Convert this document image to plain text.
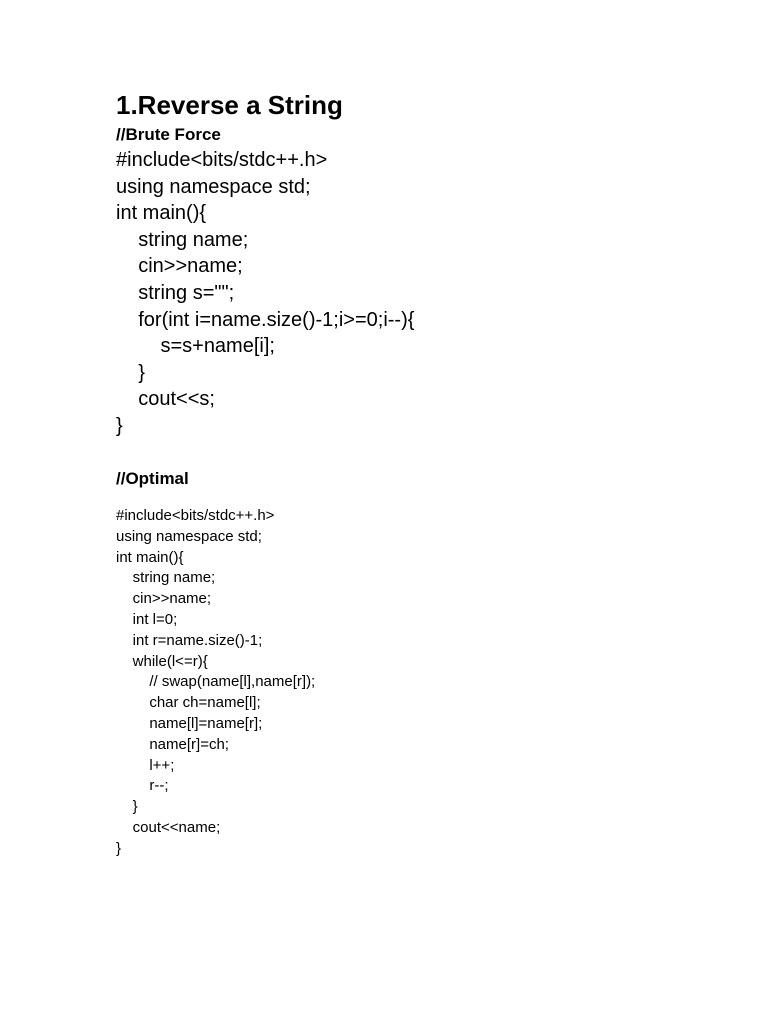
1.Reverse a String
//Brute Force
#include<bits/stdc++.h>
using namespace std;
int main(){
string name;
cin>>name;
string s="";
for(int i=name.size()-1;i>=0;i--){
s=s+name[i];
}
cout<<s;
}
//Optimal
#include<bits/stdc++.h>
using namespace std;
int main(){
string name;
cin>>name;
int l=0;
int r=name.size()-1;
while(l<=r){
// swap(name[l],name[r]);
char ch=name[l];
name[l]=name[r];
name[r]=ch;
l++;
r--;
}
cout<<name;
}
